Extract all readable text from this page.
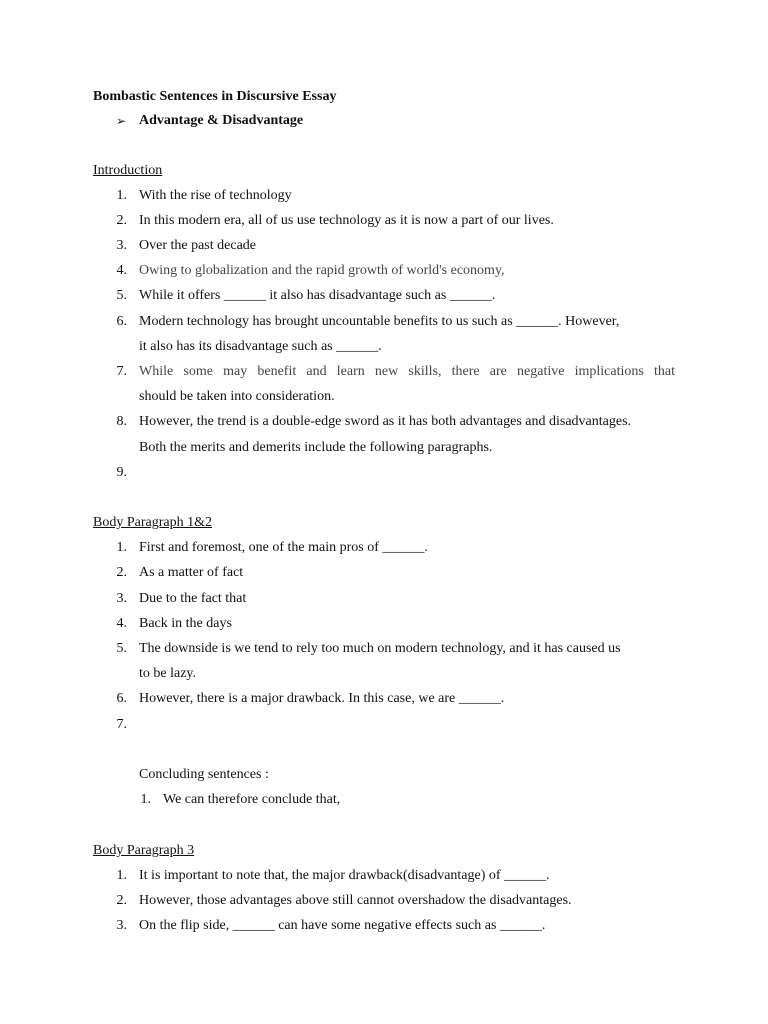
Bombastic Sentences in Discursive Essay
➢ Advantage & Disadvantage
Introduction
1. With the rise of technology
2. In this modern era, all of us use technology as it is now a part of our lives.
3. Over the past decade
4. Owing to globalization and the rapid growth of world's economy,
5. While it offers ______ it also has disadvantage such as ______.
6. Modern technology has brought uncountable benefits to us such as ______. However,
it also has its disadvantage such as ______.
7. While some may benefit and learn new skills, there are negative implications that
should be taken into consideration.
8. However, the trend is a double-edge sword as it has both advantages and disadvantages.
Both the merits and demerits include the following paragraphs.
9.
Body Paragraph 1&2
1. First and foremost, one of the main pros of ______.
2. As a matter of fact
3. Due to the fact that
4. Back in the days
5. The downside is we tend to rely too much on modern technology, and it has caused us
to be lazy.
6. However, there is a major drawback. In this case, we are ______.
7.
Concluding sentences :
1. We can therefore conclude that,
Body Paragraph 3
1. It is important to note that, the major drawback(disadvantage) of ______.
2. However, those advantages above still cannot overshadow the disadvantages.
3. On the flip side, ______ can have some negative effects such as ______.
